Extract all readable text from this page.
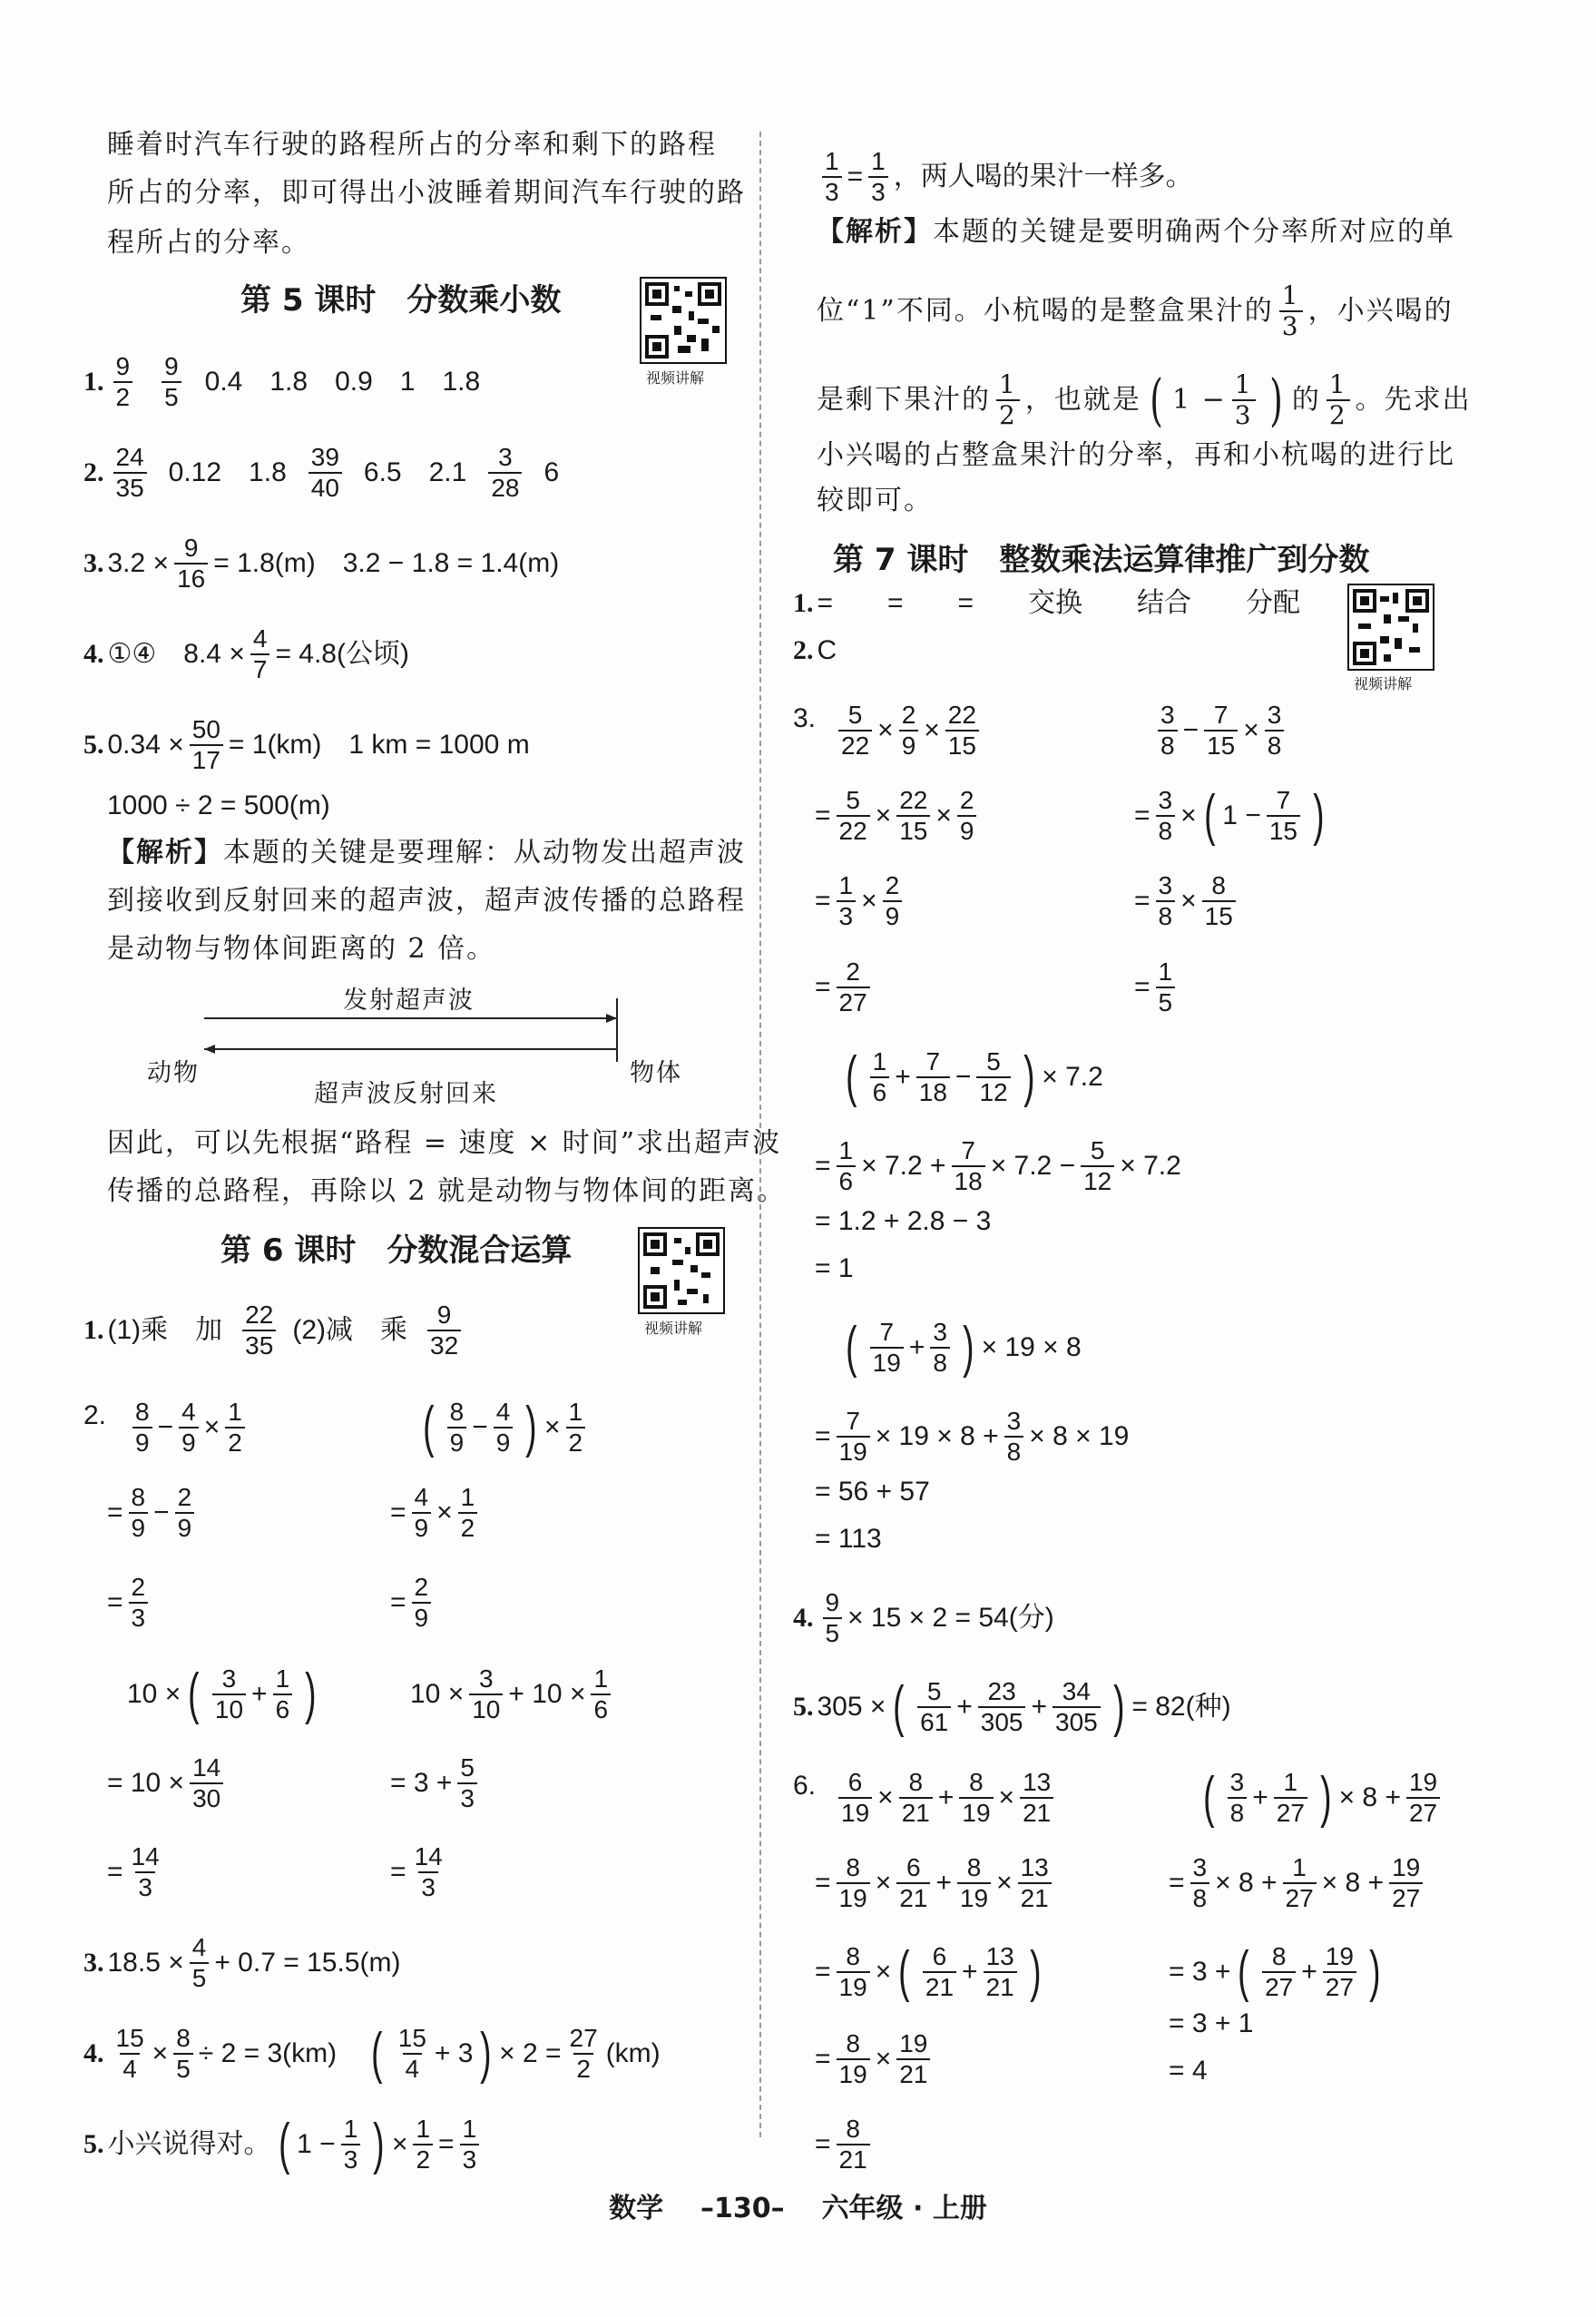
睡着时汽车行驶的路程所占的分率和剩下的路程
所占的分率，即可得出小波睡着期间汽车行驶的路
程所占的分率。
第 5 课时　分数乘小数
视频讲解
1.
9
2
9
5
0.4　1.8　0.9　1　1.8
2.
24
35
0.12　1.8
39
40
6.5　2.1
3
28
6
3. $3.2 \times \frac{9}{16} = 1.8(m)$　3.2 − 1.8 = 1.4(m)
4. ①④　$8.4 \times \frac{4}{7} = 4.8$(公顷)
5. $0.34 \times \frac{50}{17} = 1(km)$　1 km = 1000 m
1000 ÷ 2 = 500(m)
【解析】 本题的关键是要理解：从动物发出超声波
到接收到反射回来的超声波，超声波传播的总路程
是动物与物体间距离的 2 倍。
发射超声波
动物	物体
超声波反射回来
因此，可以先根据“路程 = 速度 × 时间”求出超声波
传播的总路程，再除以 2 就是动物与物体间的距离。
第 6 课时　分数混合运算
视频讲解
1. (1)乘　加
22
35
(2)减　乘
9
32
2. 8
9
−
4
9
×
1
2
=
8
9
−
2
9
=
2
3
( 8
9
−
4
9 ) ×
1
2
=
4
9
×
1
2
=
2
9
10 × ( 3
10
+
1
6 )
= 10 ×
14
30
=
14
3
10 ×
3
10
+ 10 ×
1
6
= 3 +
5
3
=
14
3
3. $18.5 \times \frac{4}{5} + 0.7 = 15.5(m)$
4.
15
4
× $\frac{8}{5} \div 2 = 3(km)$ ( 15
4
+ 3 ) × $2 = \frac{27}{2} (km)$
5. 小兴说得对。 ( 1 −
1
3 ) ×
1
2
=
1
3
1
3
=
1
3 ，两人喝的果汁一样多。
【解析】 本题的关键是要明确两个分率所对应的单
位“1”不同。小杭喝的是整盒果汁的 1
3 ，小兴喝的
是剩下果汁的 1
2 ，也就是 ( 1 − 1
3 ) 的 1
2 。先求出
小兴喝的占整盒果汁的分率，再和小杭喝的进行比
较即可。
第 7 课时　整数乘法运算律推广到分数
视频讲解
1. =　　=　　=　　交换　　结合　　分配
2. C
3. 5
22
×
2
9
×
22
15
=
5
22
×
22
15
×
2
9
=
1
3
×
2
9
=
2
27
3
8
−
7
15
×
3
8
=
3
8
× ( 1 −
7
15 )
=
3
8
×
8
15
=
1
5
( 1
6
+
7
18
−
5
12 ) × 7.2
=
1
6
× 7.2 +
7
18
× 7.2 −
5
12
× 7.2
= 1.2 + 2.8 − 3
= 1
( 7
19
+
3
8 ) × 19 × 8
=
7
19
× 19 × 8 +
3
8
× 8 × 19
= 56 + 57
= 113
4. $\frac{9}{5} \times 15 \times 2 = 54$(分)
5. 305 × ( 5
61
+
23
305
+
34
305 ) = 82(种)
6. 6
19
×
8
21
+
8
19
×
13
21
=
8
19
×
6
21
+
8
19
×
13
21
=
8
19
× ( 6
21
+
13
21 )
=
8
19
×
19
21
=
8
21
( 3
8
+
1
27 ) × 8 +
19
27
=
3
8
× 8 +
1
27
× 8 +
19
27
= 3 + ( 8
27
+
19
27 )
= 3 + 1
= 4
数学 –130– 六年级 · 上册
